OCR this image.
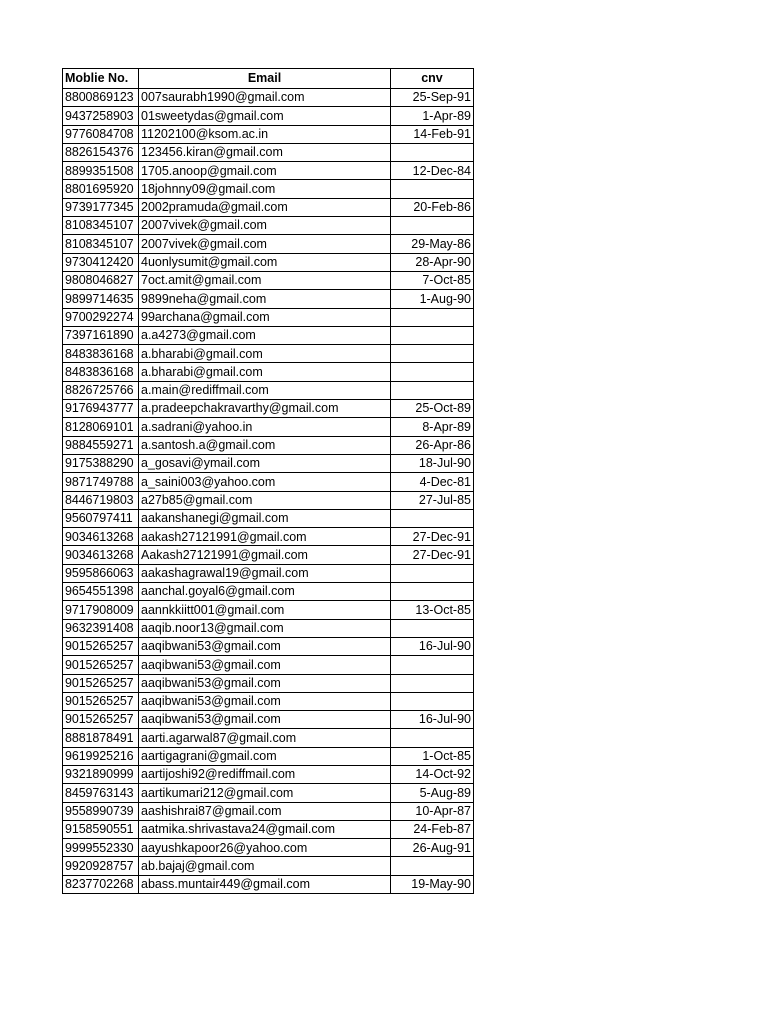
Moblie No.	Email	cnv
8800869123	007saurabh1990@gmail.com	25-Sep-91
9437258903	01sweetydas@gmail.com	1-Apr-89
9776084708	11202100@ksom.ac.in	14-Feb-91
8826154376	123456.kiran@gmail.com	
8899351508	1705.anoop@gmail.com	12-Dec-84
8801695920	18johnny09@gmail.com	
9739177345	2002pramuda@gmail.com	20-Feb-86
8108345107	2007vivek@gmail.com	
8108345107	2007vivek@gmail.com	29-May-86
9730412420	4uonlysumit@gmail.com	28-Apr-90
9808046827	7oct.amit@gmail.com	7-Oct-85
9899714635	9899neha@gmail.com	1-Aug-90
9700292274	99archana@gmail.com	
7397161890	a.a4273@gmail.com	
8483836168	a.bharabi@gmail.com	
8483836168	a.bharabi@gmail.com	
8826725766	a.main@rediffmail.com	
9176943777	a.pradeepchakravarthy@gmail.com	25-Oct-89
8128069101	a.sadrani@yahoo.in	8-Apr-89
9884559271	a.santosh.a@gmail.com	26-Apr-86
9175388290	a_gosavi@ymail.com	18-Jul-90
9871749788	a_saini003@yahoo.com	4-Dec-81
8446719803	a27b85@gmail.com	27-Jul-85
9560797411	aakanshanegi@gmail.com	
9034613268	aakash27121991@gmail.com	27-Dec-91
9034613268	Aakash27121991@gmail.com	27-Dec-91
9595866063	aakashagrawal19@gmail.com	
9654551398	aanchal.goyal6@gmail.com	
9717908009	aannkkiitt001@gmail.com	13-Oct-85
9632391408	aaqib.noor13@gmail.com	
9015265257	aaqibwani53@gmail.com	16-Jul-90
9015265257	aaqibwani53@gmail.com	
9015265257	aaqibwani53@gmail.com	
9015265257	aaqibwani53@gmail.com	
9015265257	aaqibwani53@gmail.com	16-Jul-90
8881878491	aarti.agarwal87@gmail.com	
9619925216	aartigagrani@gmail.com	1-Oct-85
9321890999	aartijoshi92@rediffmail.com	14-Oct-92
8459763143	aartikumari212@gmail.com	5-Aug-89
9558990739	aashishrai87@gmail.com	10-Apr-87
9158590551	aatmika.shrivastava24@gmail.com	24-Feb-87
9999552330	aayushkapoor26@yahoo.com	26-Aug-91
9920928757	ab.bajaj@gmail.com	
8237702268	abass.muntair449@gmail.com	19-May-90
